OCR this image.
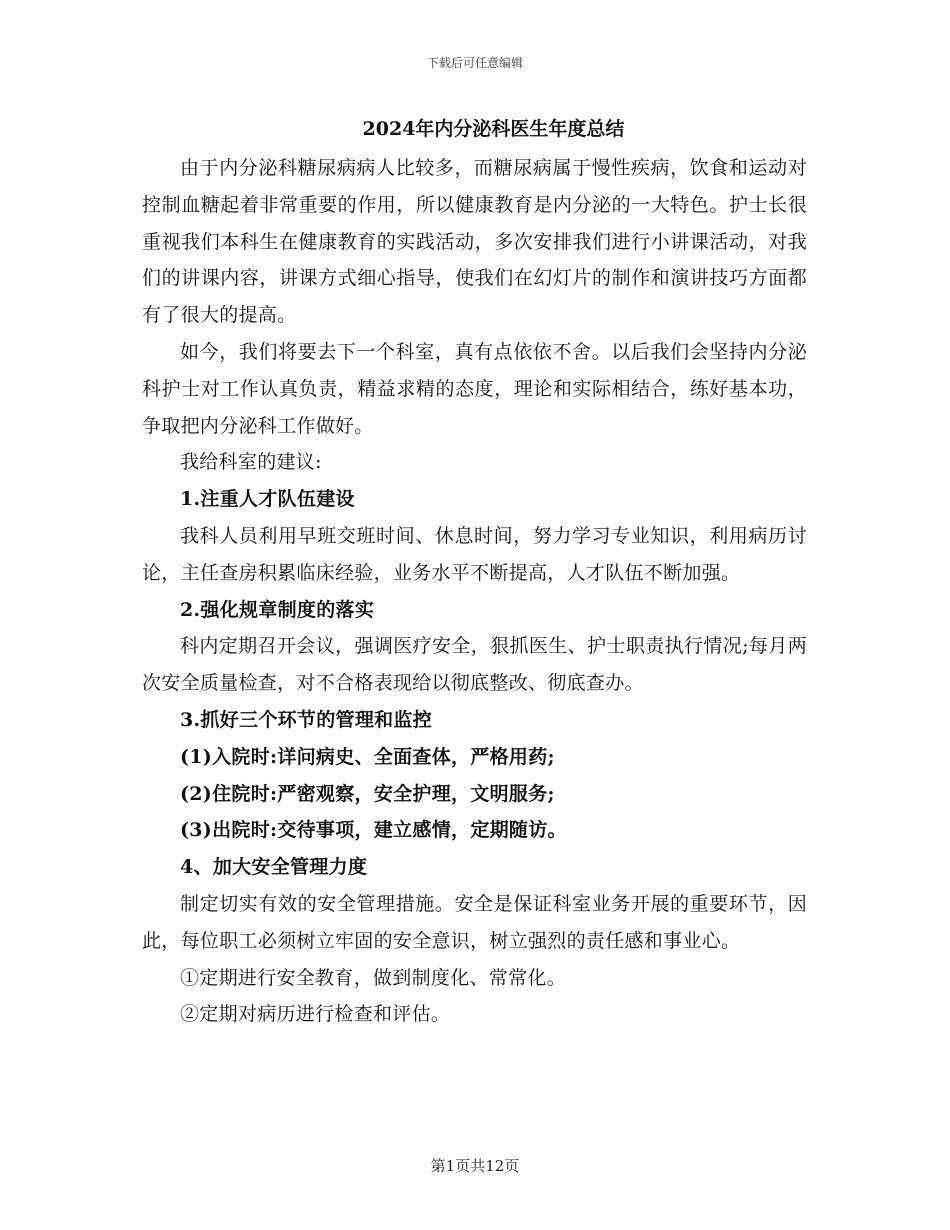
下载后可任意编辑
2024年内分泌科医生年度总结

由于内分泌科糖尿病病人比较多，而糖尿病属于慢性疾病，饮食和运动对控制血糖起着非常重要的作用，所以健康教育是内分泌的一大特色。护士长很重视我们本科生在健康教育的实践活动，多次安排我们进行小讲课活动，对我们的讲课内容，讲课方式细心指导，使我们在幻灯片的制作和演讲技巧方面都有了很大的提高。

如今，我们将要去下一个科室，真有点依依不舍。以后我们会坚持内分泌科护士对工作认真负责，精益求精的态度，理论和实际相结合，练好基本功，争取把内分泌科工作做好。

我给科室的建议:

1.注重人才队伍建设

我科人员利用早班交班时间、休息时间，努力学习专业知识，利用病历讨论，主任查房积累临床经验，业务水平不断提高，人才队伍不断加强。

2.强化规章制度的落实

科内定期召开会议，强调医疗安全，狠抓医生、护士职责执行情况;每月两次安全质量检查，对不合格表现给以彻底整改、彻底查办。

3.抓好三个环节的管理和监控

(1)入院时:详问病史、全面查体，严格用药;

(2)住院时:严密观察，安全护理，文明服务;

(3)出院时:交待事项，建立感情，定期随访。

4、加大安全管理力度

制定切实有效的安全管理措施。安全是保证科室业务开展的重要环节，因此，每位职工必须树立牢固的安全意识，树立强烈的责任感和事业心。

①定期进行安全教育，做到制度化、常常化。

②定期对病历进行检查和评估。

第1页共12页
